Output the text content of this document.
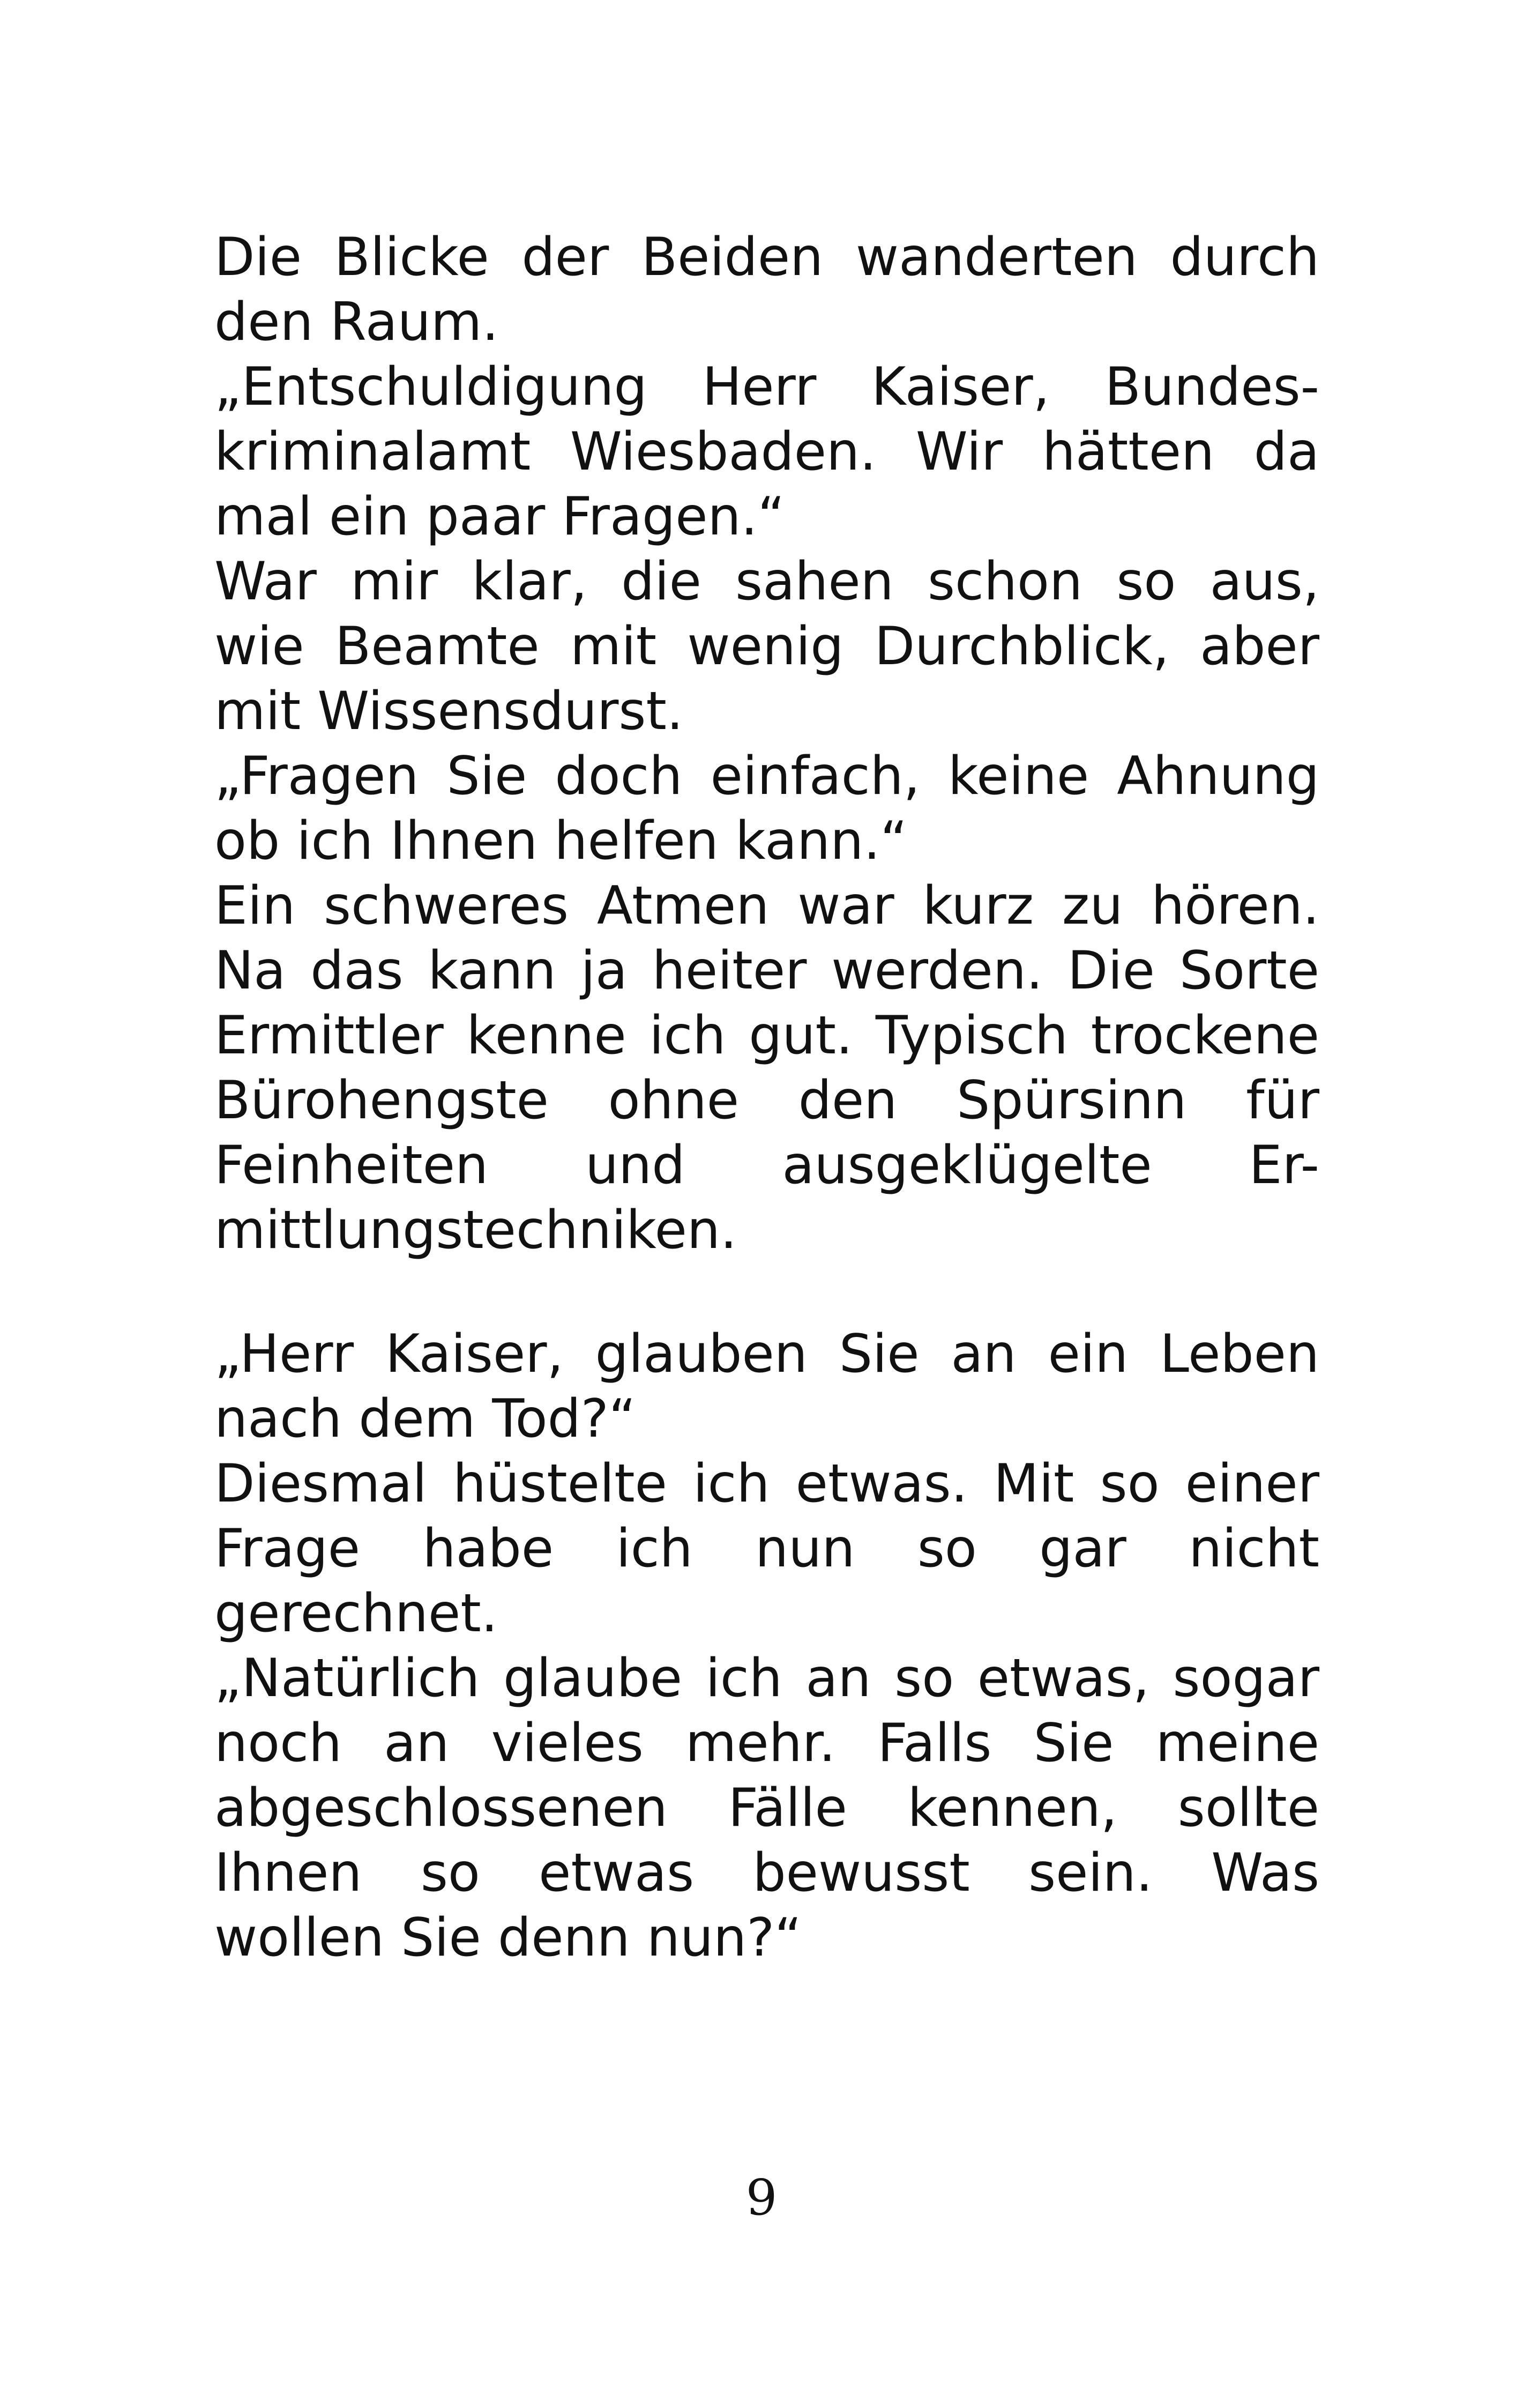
Die Blicke der Beiden wanderten durch
den Raum.
„Entschuldigung Herr Kaiser, Bundes-
kriminalamt Wiesbaden. Wir hätten da
mal ein paar Fragen.“
War mir klar, die sahen schon so aus,
wie Beamte mit wenig Durchblick, aber
mit Wissensdurst.
„Fragen Sie doch einfach, keine Ahnung
ob ich Ihnen helfen kann.“
Ein schweres Atmen war kurz zu hören.
Na das kann ja heiter werden. Die Sorte
Ermittler kenne ich gut. Typisch trockene
Bürohengste ohne den Spürsinn für
Feinheiten und ausgeklügelte Er-
mittlungstechniken.
„Herr Kaiser, glauben Sie an ein Leben
nach dem Tod?“
Diesmal hüstelte ich etwas. Mit so einer
Frage habe ich nun so gar nicht
gerechnet.
„Natürlich glaube ich an so etwas, sogar
noch an vieles mehr. Falls Sie meine
abgeschlossenen Fälle kennen, sollte
Ihnen so etwas bewusst sein. Was
wollen Sie denn nun?“
9
